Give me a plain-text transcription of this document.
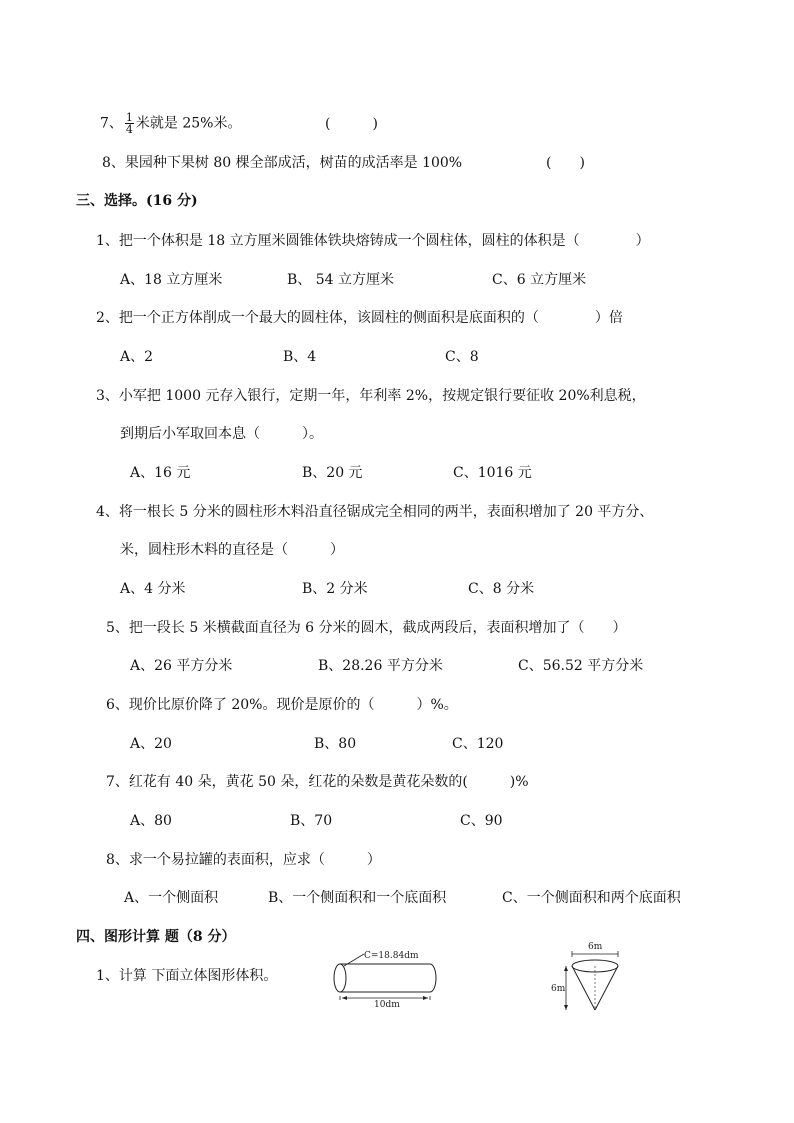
7、 $\frac{1}{4}$ 米就是 25%米。	(　　　)
8、果园种下果树 80 棵全部成活，树苗的成活率是 100%	(　　)
三、选择。(16 分)
1、把一个体积是 18 立方厘米圆锥体铁块熔铸成一个圆柱体，圆柱的体积是（　　　　）
A、18 立方厘米	B、 54 立方厘米	C、6 立方厘米
2、把一个正方体削成一个最大的圆柱体，该圆柱的侧面积是底面积的（　　　　）倍
A、2	B、4	C、8
3、小军把 1000 元存入银行，定期一年，年利率 2%，按规定银行要征收 20%利息税，
到期后小军取回本息（　　　）。
A、16 元	B、20 元	C、1016 元
4、将一根长 5 分米的圆柱形木料沿直径锯成完全相同的两半，表面积增加了 20 平方分、
米，圆柱形木料的直径是（　　　）
A、4 分米	B、2 分米	C、8 分米
5、把一段长 5 米横截面直径为 6 分米的圆木，截成两段后，表面积增加了（　　）
A、26 平方分米	B、28.26 平方分米	C、56.52 平方分米
6、现价比原价降了 20%。现价是原价的（　　　）%。
A、20	B、80	C、120
7、红花有 40 朵，黄花 50 朵，红花的朵数是黄花朵数的(　　　)%
A、80	B、70	C、90
8、求一个易拉罐的表面积，应求（　　　）
A、一个侧面积	B、一个侧面积和一个底面积	C、一个侧面积和两个底面积
四、图形计算 题（8 分）
1、计算 下面立体图形体积。
C=18.84dm
10dm
6m
6m
